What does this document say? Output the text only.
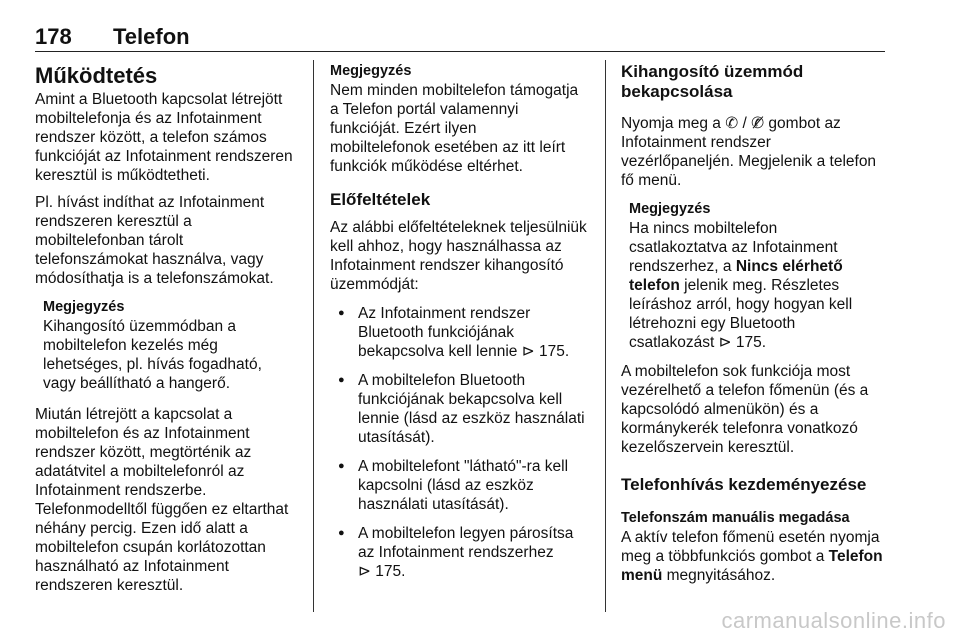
178 Telefon
Működtetés

Amint a Bluetooth kapcsolat létrejött
mobiltelefonja és az Infotainment
rendszer között, a telefon számos
funkcióját az Infotainment rendszeren
keresztül is működtetheti.

Pl. hívást indíthat az Infotainment
rendszeren keresztül a
mobiltelefonban tárolt
telefonszámokat használva, vagy
módosíthatja is a telefonszámokat.

Megjegyzés
Kihangosító üzemmódban a
mobiltelefon kezelés még
lehetséges, pl. hívás fogadható,
vagy beállítható a hangerő.

Miután létrejött a kapcsolat a
mobiltelefon és az Infotainment
rendszer között, megtörténik az
adatátvitel a mobiltelefonról az
Infotainment rendszerbe.
Telefonmodelltől függően ez eltarthat
néhány percig. Ezen idő alatt a
mobiltelefon csupán korlátozottan
használható az Infotainment
rendszeren keresztül.

Megjegyzés
Nem minden mobiltelefon támogatja
a Telefon portál valamennyi
funkcióját. Ezért ilyen
mobiltelefonok esetében az itt leírt
funkciók működése eltérhet.
Előfeltételek

Az alábbi előfeltételeknek teljesülniük
kell ahhoz, hogy használhassa az
Infotainment rendszer kihangosító
üzemmódját:

● Az Infotainment rendszer
Bluetooth funkciójának
bekapcsolva kell lennie ⊳ 175.
● A mobiltelefon Bluetooth
funkciójának bekapcsolva kell
lennie (lásd az eszköz használati
utasítását).
● A mobiltelefont "látható"-ra kell
kapcsolni (lásd az eszköz
használati utasítását).
● A mobiltelefon legyen párosítsa
az Infotainment rendszerhez
⊳ 175.
Kihangosító üzemmód
bekapcsolása

Nyomja meg a ✆ / ✆̸ gombot az
Infotainment rendszer
vezérlőpaneljén. Megjelenik a telefon
fő menü.

Megjegyzés
Ha nincs mobiltelefon
csatlakoztatva az Infotainment
rendszerhez, a Nincs elérhető
telefon jelenik meg. Részletes
leíráshoz arról, hogy hogyan kell
létrehozni egy Bluetooth
csatlakozást ⊳ 175.

A mobiltelefon sok funkciója most
vezérelhető a telefon főmenün (és a
kapcsolódó almenükön) és a
kormánykerék telefonra vonatkozó
kezelőszervein keresztül.

Telefonhívás kezdeményezése
Telefonszám manuális megadása

A aktív telefon főmenü esetén nyomja
meg a többfunkciós gombot a Telefon
menü megnyitásához.

carmanualsonline.info
